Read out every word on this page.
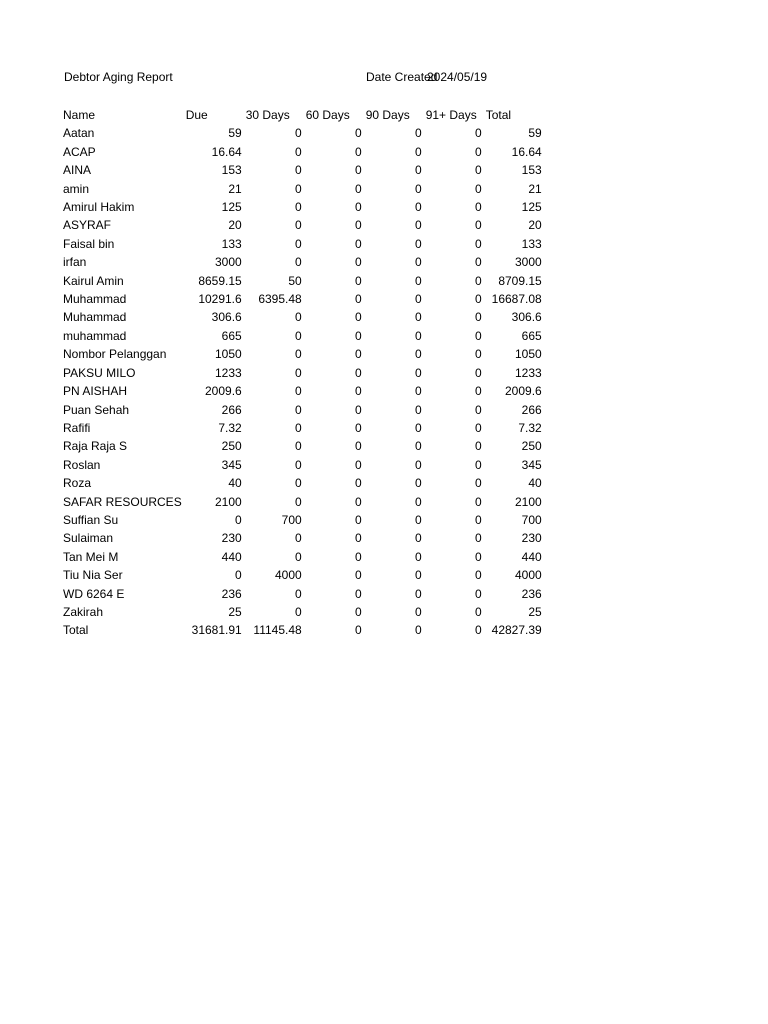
Debtor Aging Report	Date Created
2024/05/19
Name	Due	30 Days	60 Days	90 Days	91+ Days	Total
Aatan	59	0	0	0	0	59
ACAP	16.64	0	0	0	0	16.64
AINA	153	0	0	0	0	153
amin	21	0	0	0	0	21
Amirul Hakim	125	0	0	0	0	125
ASYRAF	20	0	0	0	0	20
Faisal bin	133	0	0	0	0	133
irfan	3000	0	0	0	0	3000
Kairul Amin	8659.15	50	0	0	0	8709.15
Muhammad	10291.6	6395.48	0	0	0	16687.08
Muhammad	306.6	0	0	0	0	306.6
muhammad	665	0	0	0	0	665
Nombor Pelanggan	1050	0	0	0	0	1050
PAKSU MILO	1233	0	0	0	0	1233
PN AISHAH	2009.6	0	0	0	0	2009.6
Puan Sehah	266	0	0	0	0	266
Rafifi	7.32	0	0	0	0	7.32
Raja Raja S	250	0	0	0	0	250
Roslan	345	0	0	0	0	345
Roza	40	0	0	0	0	40
SAFAR RESOURCES	2100	0	0	0	0	2100
Suffian Su	0	700	0	0	0	700
Sulaiman	230	0	0	0	0	230
Tan Mei M	440	0	0	0	0	440
Tiu Nia Ser	0	4000	0	0	0	4000
WD 6264 E	236	0	0	0	0	236
Zakirah	25	0	0	0	0	25
Total	31681.91	11145.48	0	0	0	42827.39
